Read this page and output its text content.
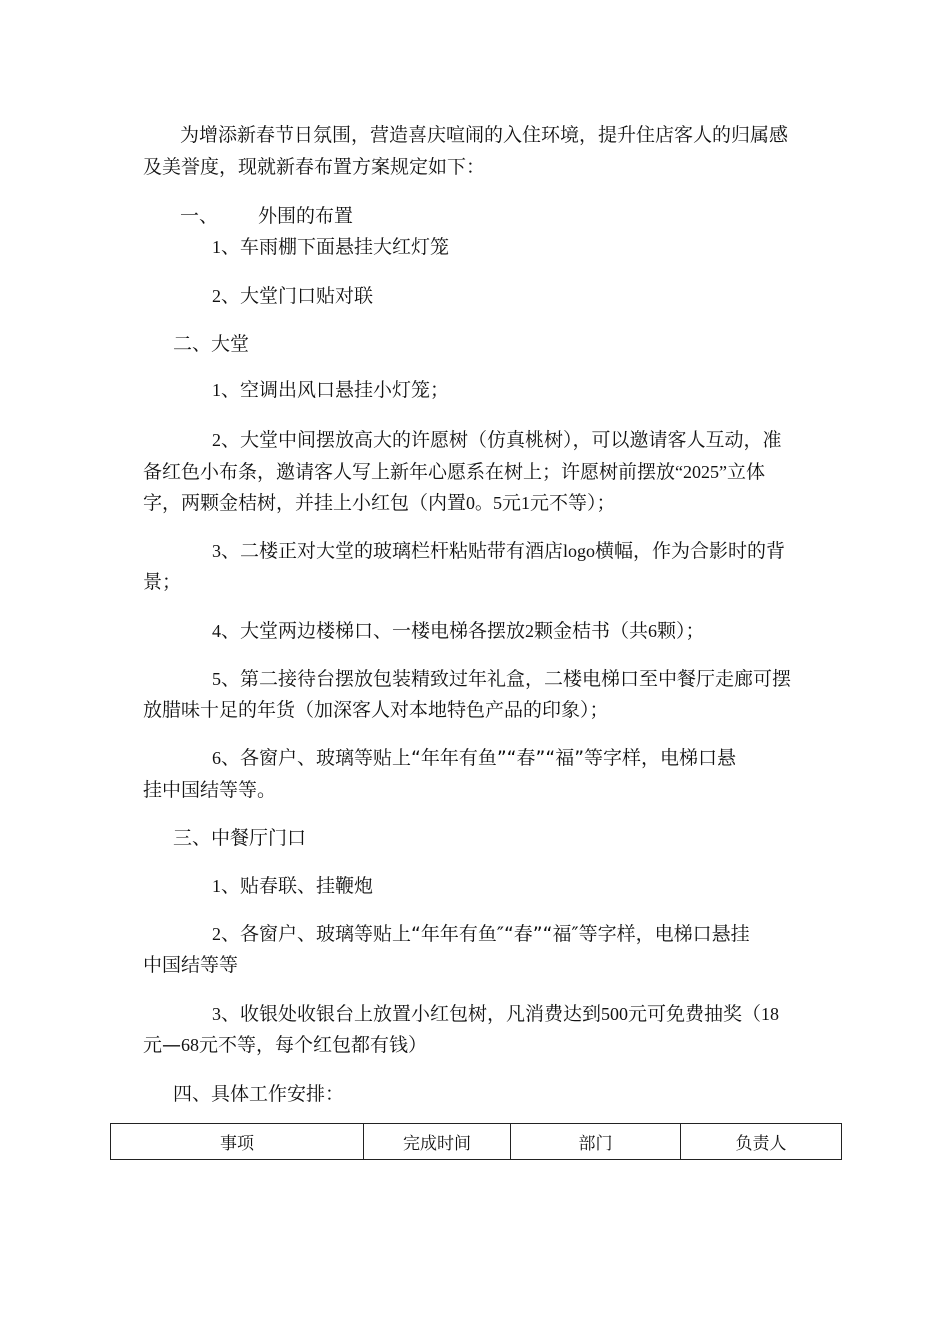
为增添新春节日氛围，营造喜庆喧闹的入住环境，提升住店客人的归属感
及美誉度，现就新春布置方案规定如下：
一、 外围的布置
1、车雨棚下面悬挂大红灯笼
2、大堂门口贴对联
二、大堂
1、空调出风口悬挂小灯笼；
2、大堂中间摆放高大的许愿树（仿真桃树），可以邀请客人互动，准
备红色小布条，邀请客人写上新年心愿系在树上；许愿树前摆放“2025”立体
字，两颗金桔树，并挂上小红包（内置0。5元1元不等）；
3、二楼正对大堂的玻璃栏杆粘贴带有酒店logo横幅，作为合影时的背
景；
4、大堂两边楼梯口、一楼电梯各摆放2颗金桔书（共6颗）；
5、第二接待台摆放包装精致过年礼盒，二楼电梯口至中餐厅走廊可摆
放腊味十足的年货（加深客人对本地特色产品的印象）；
6、各窗户、玻璃等贴上“年年有鱼”“春”“福”等字样，电梯口悬
挂中国结等等。
三、中餐厅门口
1、贴春联、挂鞭炮
2、各窗户、玻璃等贴上“年年有鱼″“春”“福″等字样，电梯口悬挂
中国结等等
3、收银处收银台上放置小红包树，凡消费达到500元可免费抽奖（18
元—68元不等，每个红包都有钱）
四、具体工作安排：
事项	完成时间	部门	负责人
